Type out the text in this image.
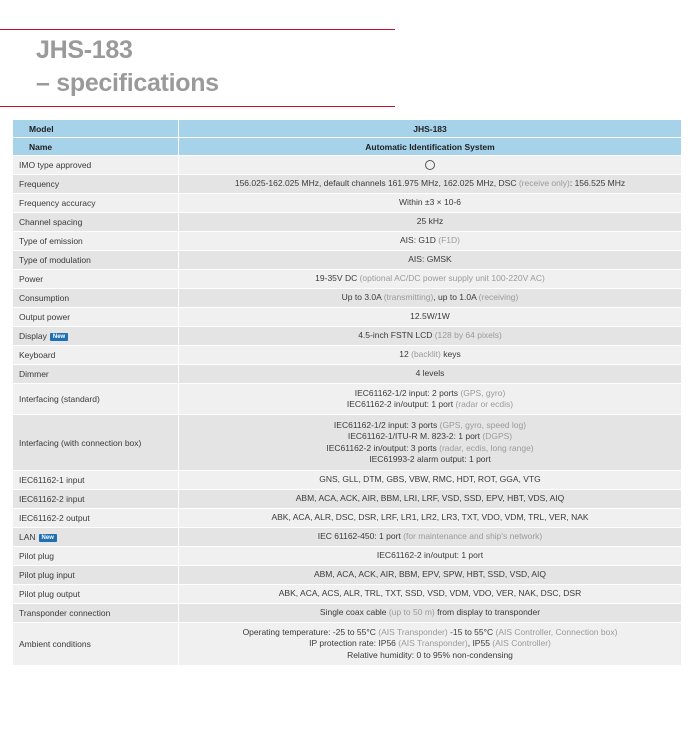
JHS-183
– specifications
Model	JHS-183
Name	Automatic Identification System
IMO type approved	
Frequency	156.025-162.025 MHz, default channels 161.975 MHz, 162.025 MHz, DSC (receive only): 156.525 MHz
Frequency accuracy	Within ±3 × 10-6
Channel spacing	25 kHz
Type of emission	AIS: G1D (F1D)
Type of modulation	AIS: GMSK
Power	19-35V DC (optional AC/DC power supply unit 100-220V AC)
Consumption	Up to 3.0A (transmitting), up to 1.0A (receiving)
Output power	12.5W/1W
Display New	4.5-inch FSTN LCD (128 by 64 pixels)
Keyboard	12 (backlit) keys
Dimmer	4 levels
Interfacing (standard)	IEC61162-1/2 input: 2 ports (GPS, gyro)
IEC61162-2 in/output: 1 port (radar or ecdis)

Interfacing (with connection box)	IEC61162-1/2 input: 3 ports (GPS, gyro, speed log)
IEC61162-1/ITU-R M. 823-2: 1 port (DGPS)
IEC61162-2 in/output: 3 ports (radar, ecdis, long range)
IEC61993-2 alarm output: 1 port

IEC61162-1 input	GNS, GLL, DTM, GBS, VBW, RMC, HDT, ROT, GGA, VTG
IEC61162-2 input	ABM, ACA, ACK, AIR, BBM, LRI, LRF, VSD, SSD, EPV, HBT, VDS, AIQ
IEC61162-2 output	ABK, ACA, ALR, DSC, DSR, LRF, LR1, LR2, LR3, TXT, VDO, VDM, TRL, VER, NAK
LAN New	IEC 61162-450: 1 port (for maintenance and ship's network)
Pilot plug	IEC61162-2 in/output: 1 port
Pilot plug input	ABM, ACA, ACK, AIR, BBM, EPV, SPW, HBT, SSD, VSD, AIQ
Pilot plug output	ABK, ACA, ACS, ALR, TRL, TXT, SSD, VSD, VDM, VDO, VER, NAK, DSC, DSR
Transponder connection	Single coax cable (up to 50 m) from display to transponder
Ambient conditions	Operating temperature: -25 to 55°C (AIS Transponder) -15 to 55°C (AIS Controller, Connection box)
IP protection rate: IP56 (AIS Transponder), IP55 (AIS Controller)
Relative humidity: 0 to 95% non-condensing
